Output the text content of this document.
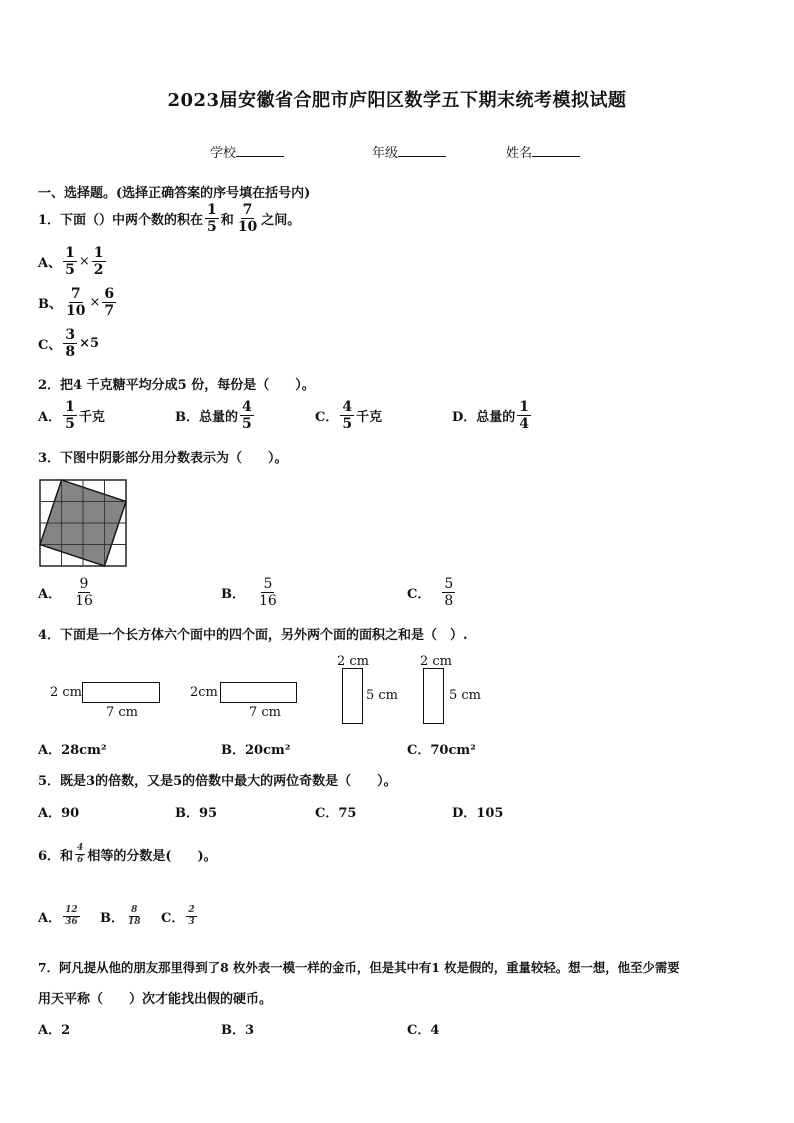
2023届安徽省合肥市庐阳区数学五下期末统考模拟试题
学校	年级	姓名
一、选择题。(选择正确答案的序号填在括号内)
1．下面（）中两个数的积在 $\frac{1}{5}$ 和 $\frac{7}{10}$ 之间。
A、 $\frac{1}{5} \times \frac{1}{2}$
B、 $\frac{7}{10} \times \frac{6}{7}$
C、 $\frac{3}{8} \times 5$
2．把4 千克糖平均分成5 份，每份是（　　）。
A． $\frac{1}{5}$ 千克	B． 总量的 $\frac{4}{5}$	C． $\frac{4}{5}$ 千克	D． 总量的 $\frac{1}{4}$
3．下图中阴影部分用分数表示为（　　）。
A． $\frac{9}{16}$	B． $\frac{5}{16}$	C． $\frac{5}{8}$
4．下面是一个长方体六个面中的四个面，另外两个面的面积之和是（　）.
2 cm
7 cm
2cm
7 cm
2 cm
5 cm
2 cm
5 cm
A．28cm²	B．20cm²	C．70cm²
5．既是3的倍数，又是5的倍数中最大的两位奇数是（　　）。
A．90	B．95	C．75	D．105
6．和 $\frac{4}{6}$ 相等的分数是(　　)。
A． $\frac{12}{36}$ B． $\frac{8}{18}$ C． $\frac{2}{3}$
7．阿凡提从他的朋友那里得到了8 枚外表一模一样的金币，但是其中有1 枚是假的，重量较轻。想一想，他至少需要
用天平称（　　）次才能找出假的硬币。
A．2	B．3	C．4
